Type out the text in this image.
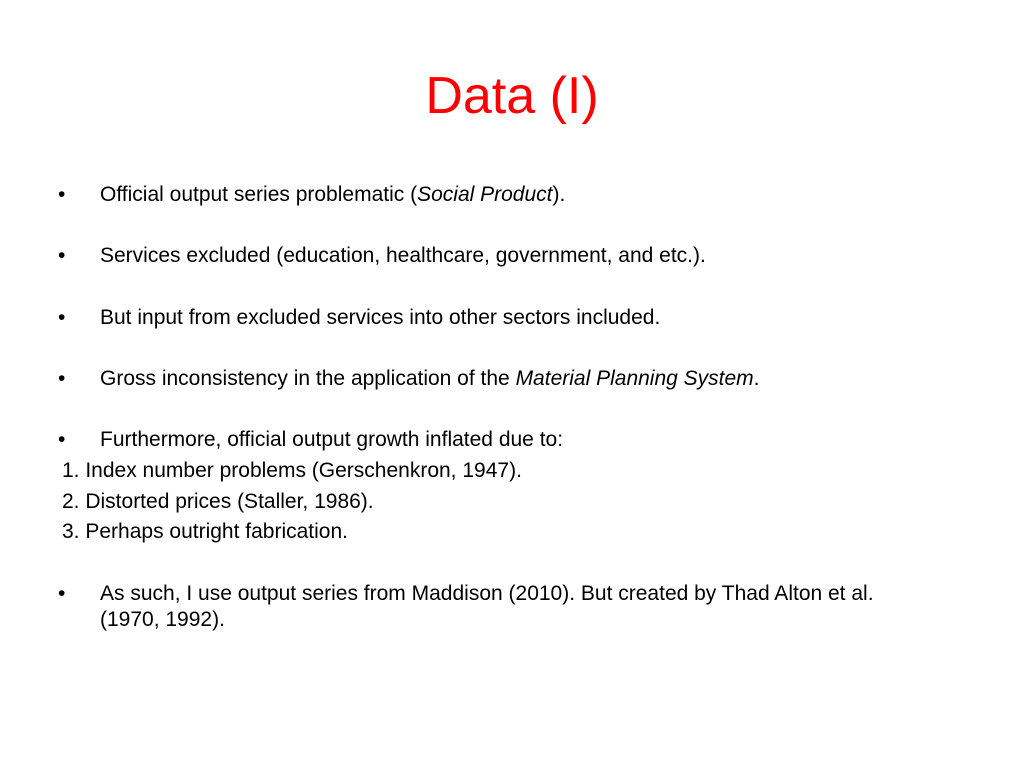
Data (I)
•	Official output series problematic (Social Product).
•	Services excluded (education, healthcare, government, and etc.).
•	But input from excluded services into other sectors included.
•	Gross inconsistency in the application of the Material Planning System.
•	Furthermore, official output growth inflated due to:
1. Index number problems (Gerschenkron, 1947).
2. Distorted prices (Staller, 1986).
3. Perhaps outright fabrication.
•	As such, I use output series from Maddison (2010). But created by Thad Alton et al.
(1970, 1992).
